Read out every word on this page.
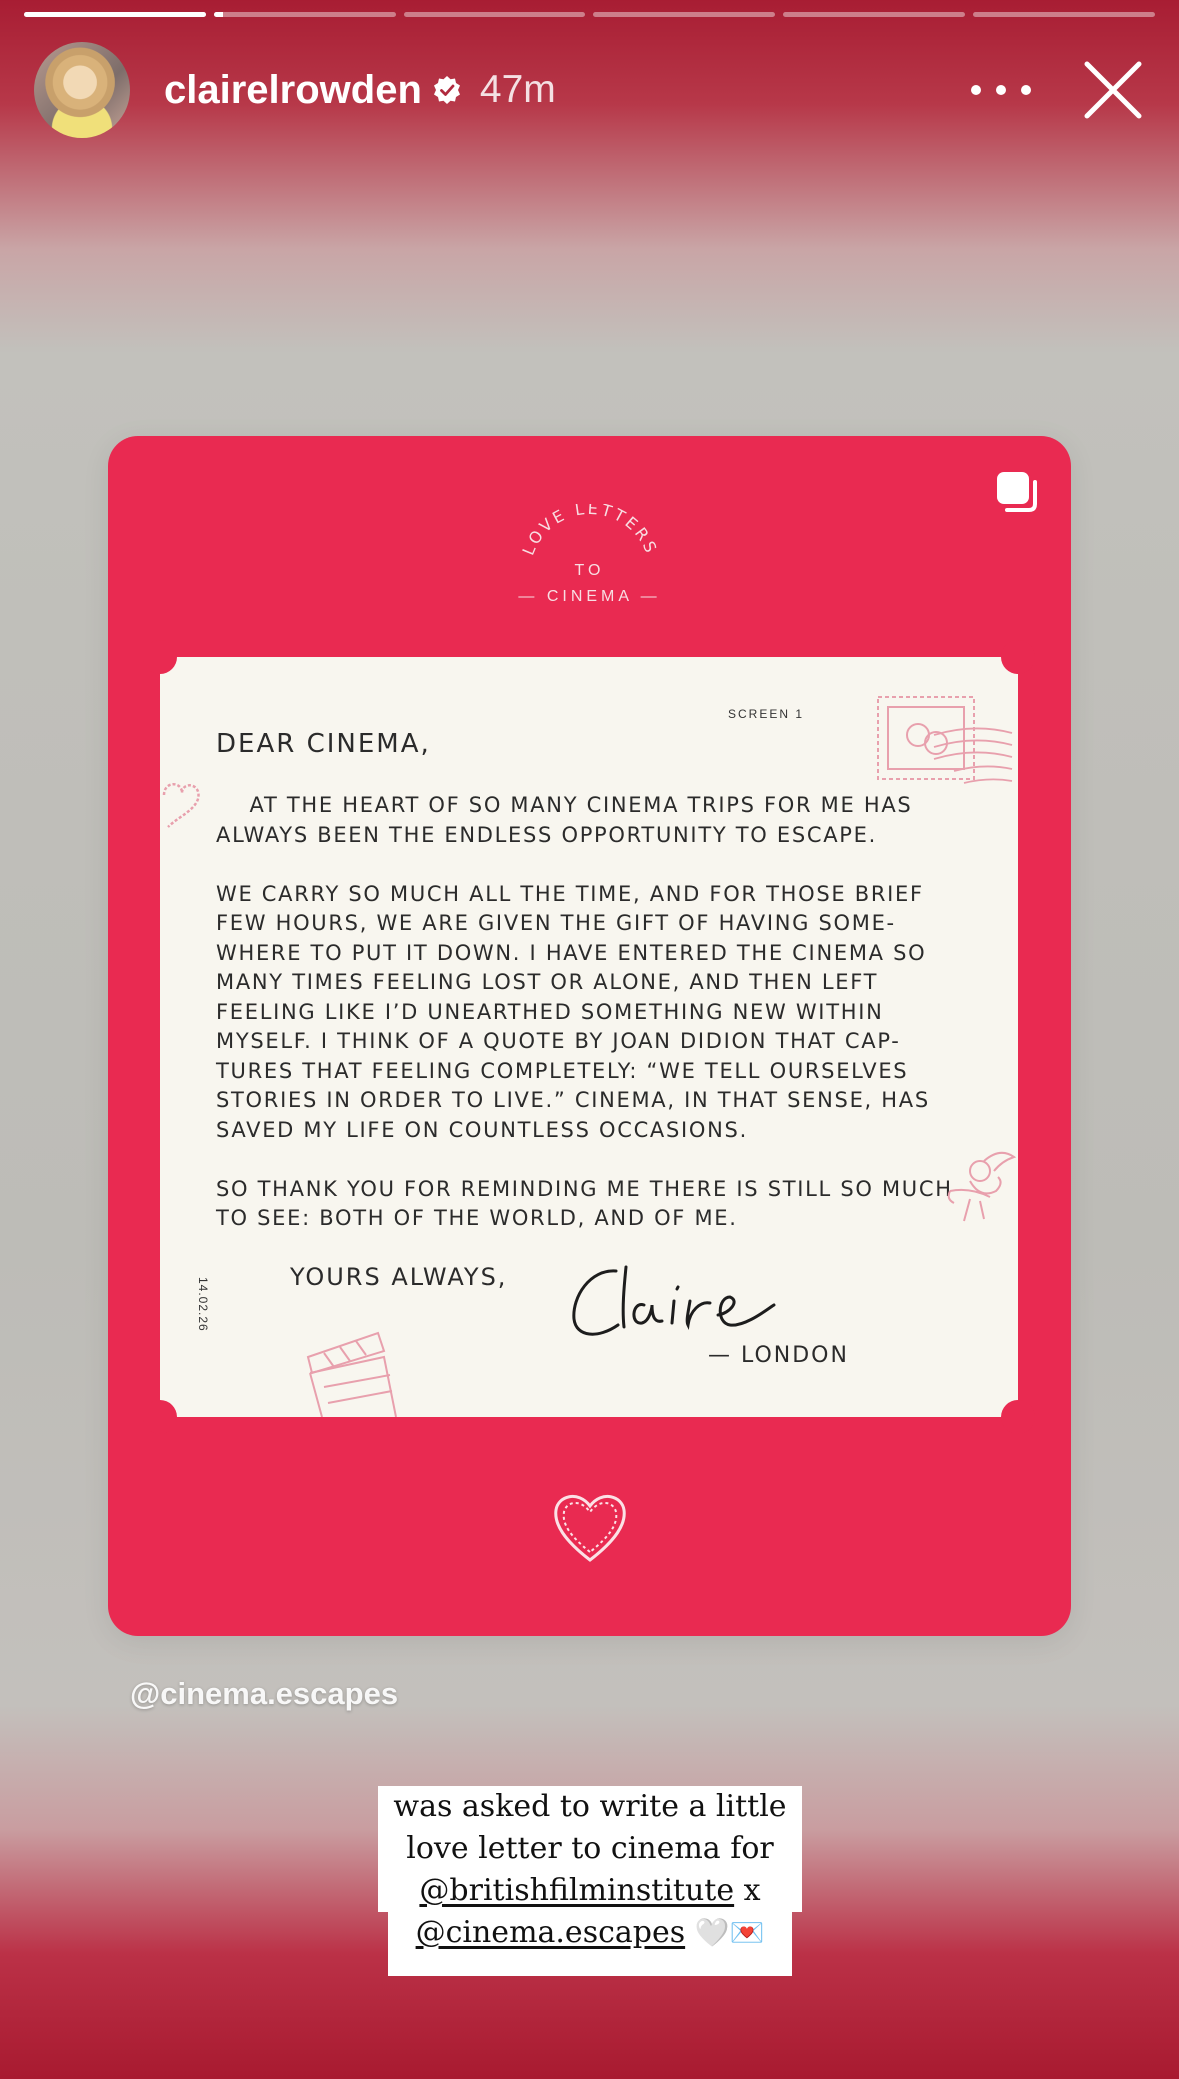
clairelrowden 47m
LOVE LETTERS
TO
— CINEMA —
SCREEN 1
DEAR CINEMA,

AT THE HEART OF SO MANY CINEMA TRIPS FOR ME HAS ALWAYS BEEN THE ENDLESS OPPORTUNITY TO ESCAPE.

WE CARRY SO MUCH ALL THE TIME, AND FOR THOSE BRIEF FEW HOURS, WE ARE GIVEN THE GIFT OF HAVING SOME- WHERE TO PUT IT DOWN. I HAVE ENTERED THE CINEMA SO MANY TIMES FEELING LOST OR ALONE, AND THEN LEFT FEELING LIKE I’D UNEARTHED SOMETHING NEW WITHIN MYSELF. I THINK OF A QUOTE BY JOAN DIDION THAT CAP- TURES THAT FEELING COMPLETELY: “WE TELL OURSELVES STORIES IN ORDER TO LIVE.” CINEMA, IN THAT SENSE, HAS SAVED MY LIFE ON COUNTLESS OCCASIONS.

SO THANK YOU FOR REMINDING ME THERE IS STILL SO MUCH TO SEE: BOTH OF THE WORLD, AND OF ME.

14.02.26	YOURS ALWAYS,
— LONDON
@cinema.escapes
was asked to write a little
love letter to cinema for
@britishfilminstitute x
@cinema.escapes 🤍💌
